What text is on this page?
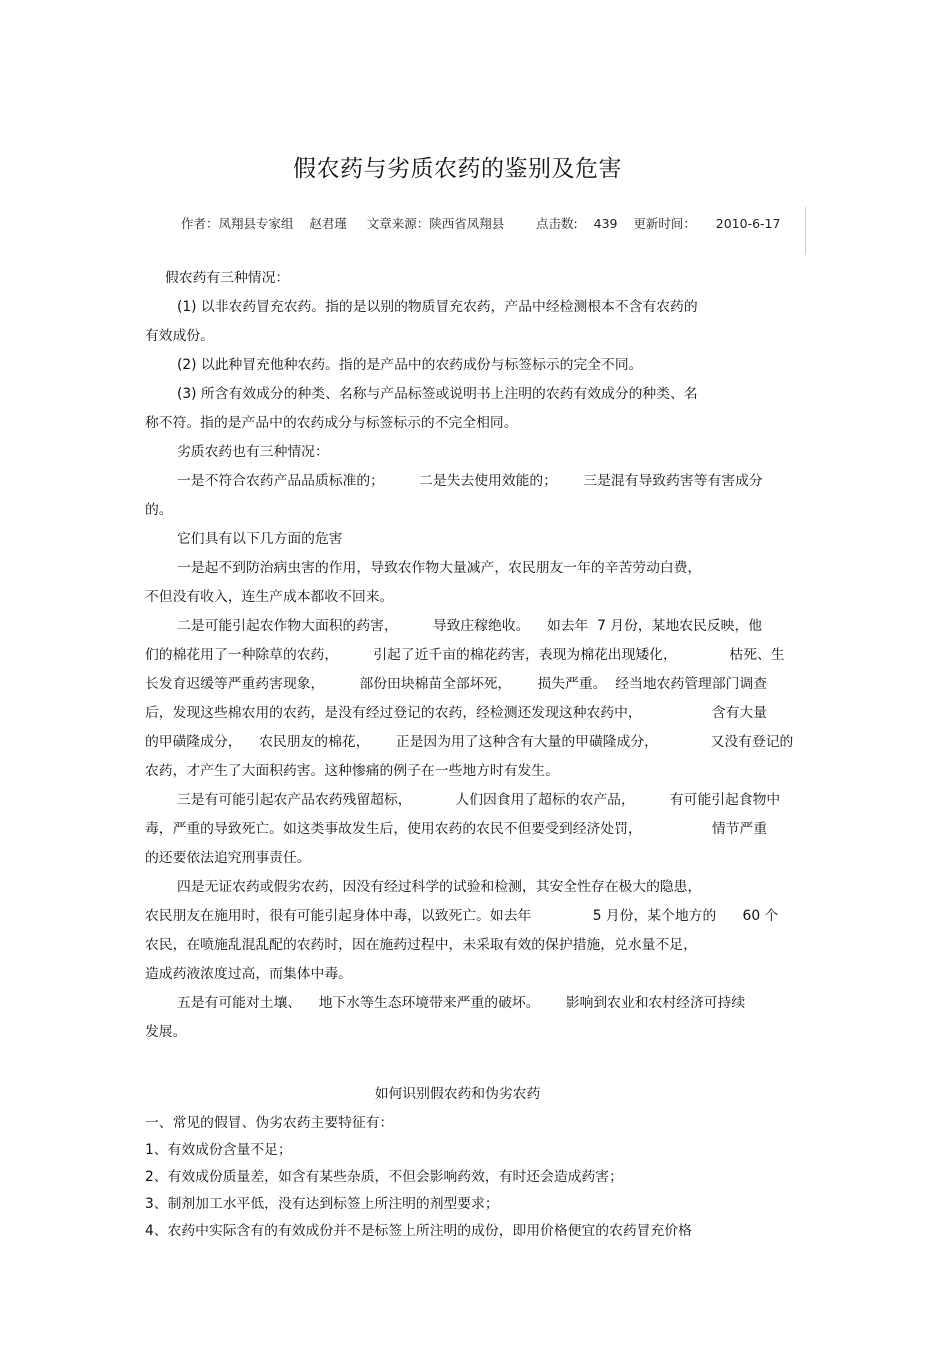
假农药与劣质农药的鉴别及危害
作者：凤翔县专家组    赵君瑾     文章来源：陕西省凤翔县        点击数:    439    更新时间：     2010-6-17
假农药有三种情况：
(1) 以非农药冒充农药。指的是以别的物质冒充农药，产品中经检测根本不含有农药的
有效成份。
(2) 以此种冒充他种农药。指的是产品中的农药成份与标签标示的完全不同。
(3) 所含有效成分的种类、名称与产品标签或说明书上注明的农药有效成分的种类、名
称不符。指的是产品中的农药成分与标签标示的不完全相同。
劣质农药也有三种情况：
一是不符合农药产品品质标准的；        二是失去使用效能的；      三是混有导致药害等有害成分
的。
它们具有以下几方面的危害
一是起不到防治病虫害的作用，导致农作物大量减产，农民朋友一年的辛苦劳动白费，
不但没有收入，连生产成本都收不回来。
二是可能引起农作物大面积的药害，        导致庄稼绝收。    如去年  7 月份，某地农民反映，他
们的棉花用了一种除草的农药，        引起了近千亩的棉花药害，表现为棉花出现矮化，            枯死、生
长发育迟缓等严重药害现象，        部份田块棉苗全部坏死，      损失严重。  经当地农药管理部门调查
后，发现这些棉农用的农药，是没有经过登记的农药，经检测还发现这种农药中，                含有大量
的甲磺隆成分，    农民朋友的棉花，      正是因为用了这种含有大量的甲磺隆成分，            又没有登记的
农药，才产生了大面积药害。这种惨痛的例子在一些地方时有发生。
三是有可能引起农产品农药残留超标，          人们因食用了超标的农产品，        有可能引起食物中
毒，严重的导致死亡。如这类事故发生后，使用农药的农民不但要受到经济处罚，                情节严重
的还要依法追究刑事责任。
四是无证农药或假劣农药，因没有经过科学的试验和检测，其安全性存在极大的隐患，
农民朋友在施用时，很有可能引起身体中毒，以致死亡。如去年              5 月份，某个地方的      60 个
农民，在喷施乱混乱配的农药时，因在施药过程中，未采取有效的保护措施，兑水量不足，
造成药液浓度过高，而集体中毒。
五是有可能对土壤、    地下水等生态环境带来严重的破坏。      影响到农业和农村经济可持续
发展。
如何识别假农药和伪劣农药
一、常见的假冒、伪劣农药主要特征有：
1、有效成份含量不足；
2、有效成份质量差，如含有某些杂质，不但会影响药效，有时还会造成药害；
3、制剂加工水平低，没有达到标签上所注明的剂型要求；
4、农药中实际含有的有效成份并不是标签上所注明的成份，即用价格便宜的农药冒充价格
